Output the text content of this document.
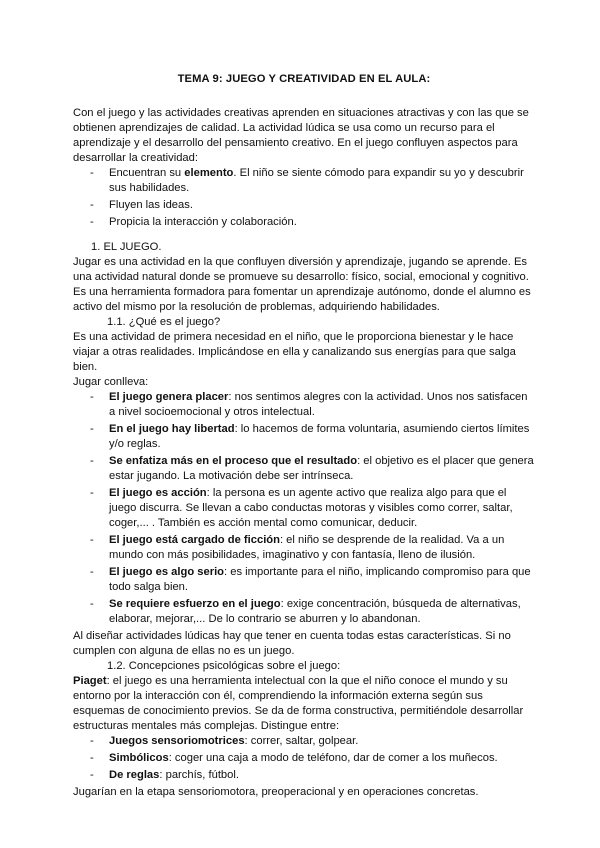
TEMA 9: JUEGO Y CREATIVIDAD EN EL AULA:

Con el juego y las actividades creativas aprenden en situaciones atractivas y con las que se obtienen aprendizajes de calidad. La actividad lúdica se usa como un recurso para el aprendizaje y el desarrollo del pensamiento creativo. En el juego confluyen aspectos para desarrollar la creatividad:

- Encuentran su elemento. El niño se siente cómodo para expandir su yo y descubrir sus habilidades.
- Fluyen las ideas.
- Propicia la interacción y colaboración.

1. EL JUEGO.

Jugar es una actividad en la que confluyen diversión y aprendizaje, jugando se aprende. Es una actividad natural donde se promueve su desarrollo: físico, social, emocional y cognitivo. Es una herramienta formadora para fomentar un aprendizaje autónomo, donde el alumno es activo del mismo por la resolución de problemas, adquiriendo habilidades.

1.1. ¿Qué es el juego?

Es una actividad de primera necesidad en el niño, que le proporciona bienestar y le hace viajar a otras realidades. Implicándose en ella y canalizando sus energías para que salga bien.

Jugar conlleva:

- El juego genera placer: nos sentimos alegres con la actividad. Unos nos satisfacen a nivel socioemocional y otros intelectual.
- En el juego hay libertad: lo hacemos de forma voluntaria, asumiendo ciertos límites y/o reglas.
- Se enfatiza más en el proceso que el resultado: el objetivo es el placer que genera estar jugando. La motivación debe ser intrínseca.
- El juego es acción: la persona es un agente activo que realiza algo para que el juego discurra. Se llevan a cabo conductas motoras y visibles como correr, saltar, coger,... . También es acción mental como comunicar, deducir.
- El juego está cargado de ficción: el niño se desprende de la realidad. Va a un mundo con más posibilidades, imaginativo y con fantasía, lleno de ilusión.
- El juego es algo serio: es importante para el niño, implicando compromiso para que todo salga bien.
- Se requiere esfuerzo en el juego: exige concentración, búsqueda de alternativas, elaborar, mejorar,... De lo contrario se aburren y lo abandonan.

Al diseñar actividades lúdicas hay que tener en cuenta todas estas características. Si no cumplen con alguna de ellas no es un juego.

1.2. Concepciones psicológicas sobre el juego:

Piaget: el juego es una herramienta intelectual con la que el niño conoce el mundo y su entorno por la interacción con él, comprendiendo la información externa según sus esquemas de conocimiento previos. Se da de forma constructiva, permitiéndole desarrollar estructuras mentales más complejas. Distingue entre:

- Juegos sensoriomotrices: correr, saltar, golpear.
- Simbólicos: coger una caja a modo de teléfono, dar de comer a los muñecos.
- De reglas: parchís, fútbol.

Jugarían en la etapa sensoriomotora, preoperacional y en operaciones concretas.
